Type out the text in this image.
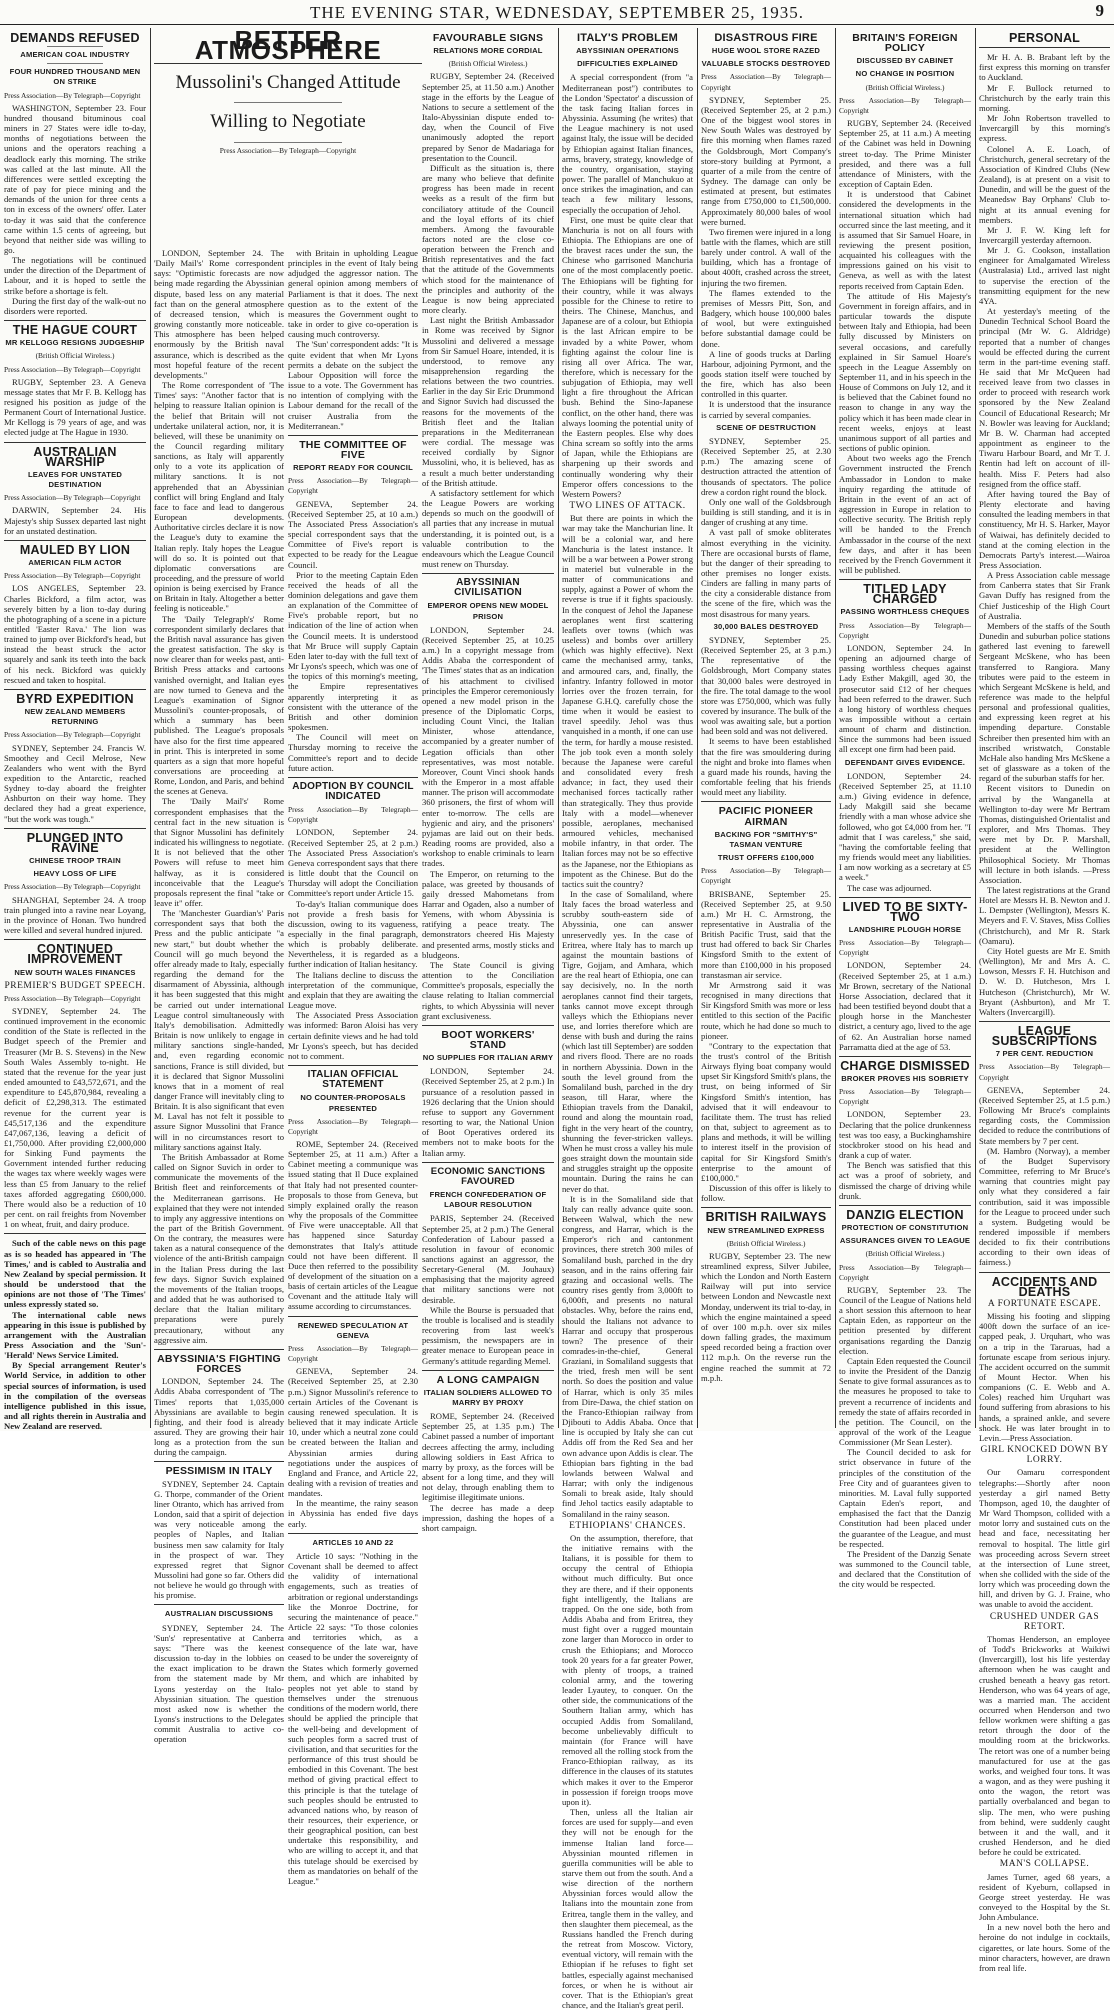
THE EVENING STAR, WEDNESDAY, SEPTEMBER 25, 1935.	9
DEMANDS REFUSED
AMERICAN COAL INDUSTRY
FOUR HUNDRED THOUSAND MEN ON STRIKE
Press Association—By Telegraph—Copyright

WASHINGTON, September 23. Four hundred thousand bituminous coal miners in 27 States were idle to-day, months of negotiations between the unions and the operators reaching a deadlock early this morning. The strike was called at the last minute. All the differences were settled excepting the rate of pay for piece mining and the demands of the union for three cents a ton in excess of the owners' offer. Later to-day it was said that the conference came within 1.5 cents of agreeing, but beyond that neither side was willing to go.

The negotiations will be continued under the direction of the Department of Labour, and it is hoped to settle the strike before a shortage is felt.

During the first day of the walk-out no disorders were reported.

THE HAGUE COURT
MR KELLOGG RESIGNS JUDGESHIP
(British Official Wireless.)
Press Association—By Telegraph—Copyright

RUGBY, September 23. A Geneva message states that Mr F. B. Kellogg has resigned his position as judge of the Permanent Court of International Justice. Mr Kellogg is 79 years of age, and was elected judge at The Hague in 1930.

AUSTRALIAN WARSHIP
LEAVES FOR UNSTATED DESTINATION
Press Association—By Telegraph—Copyright

DARWIN, September 24. His Majesty's ship Sussex departed last night for an unstated destination.

MAULED BY LION
AMERICAN FILM ACTOR
Press Association—By Telegraph—Copyright

LOS ANGELES, September 23. Charles Bickford, a film actor, was severely bitten by a lion to-day during the photographing of a scene in a picture entitled 'Easter Rava.' The lion was trained to jump over Bickford's head, but instead the beast struck the actor squarely and sank its teeth into the back of his neck. Bickford was quickly rescued and taken to hospital.

BYRD EXPEDITION
NEW ZEALAND MEMBERS RETURNING
Press Association—By Telegraph—Copyright

SYDNEY, September 24. Francis W. Smoothey and Cecil Melrose, New Zealanders who went with the Byrd expedition to the Antarctic, reached Sydney to-day aboard the freighter Ashburton on their way home. They declared they had a great experience, "but the work was tough."

PLUNGED INTO RAVINE
CHINESE TROOP TRAIN
HEAVY LOSS OF LIFE
Press Association—By Telegraph—Copyright

SHANGHAI, September 24. A troop train plunged into a ravine near Loyang, in the province of Honan. Two hundred were killed and several hundred injured.

CONTINUED IMPROVEMENT
NEW SOUTH WALES FINANCES
PREMIER'S BUDGET SPEECH.
Press Association—By Telegraph—Copyright

SYDNEY, September 24. The continued improvement in the economic condition of the State is reflected in the Budget speech of the Premier and Treasurer (Mr B. S. Stevens) in the New South Wales Assembly to-night. He stated that the revenue for the year just ended amounted to £43,572,671, and the expenditure to £45,870,984, revealing a deficit of £2,298,313. The estimated revenue for the current year is £45,517,136 and the expenditure £47,067,136, leaving a deficit of £1,750,000. After providing £2,000,000 for Sinking Fund payments the Government intended further reducing the wages tax where weekly wages were less than £5 from January to the relief taxes afforded aggregating £600,000. There would also be a reduction of 10 per cent. on rail freights from November 1 on wheat, fruit, and dairy produce.

Such of the cable news on this page as is so headed has appeared in 'The Times,' and is cabled to Australia and New Zealand by special permission. It should be understood that the opinions are not those of 'The Times' unless expressly stated so.

The international cable news appearing in this issue is published by arrangement with the Australian Press Association and the 'Sun'-'Herald' News Service Limited.

By Special arrangement Reuter's World Service, in addition to other special sources of information, is used in the compilation of the overseas intelligence published in this issue, and all rights therein in Australia and New Zealand are reserved.

BETTER ATMOSPHERE
Mussolini's Changed Attitude
Willing to Negotiate
Press Association—By Telegraph—Copyright

LONDON, September 24. The 'Daily Mail's' Rome correspondent says: "Optimistic forecasts are now being made regarding the Abyssinian dispute, based less on any material fact than on the general atmosphere of decreased tension, which is growing constantly more noticeable. This atmosphere has been helped enormously by the British naval assurance, which is described as the most hopeful feature of the recent developments."

The Rome correspondent of 'The Times' says: "Another factor that is helping to reassure Italian opinion is the belief that Britain will not undertake unilateral action, nor, it is believed, will these be unanimity on the Council regarding military sanctions, as Italy will apparently only to a vote its application of military sanctions. It is not apprehended that an Abyssinian conflict will bring England and Italy face to face and lead to dangerous European developments. Authoritative circles declare it is now the League's duty to examine the Italian reply. Italy hopes the League will do so. It is pointed out that diplomatic conversations are proceeding, and the pressure of world opinion is being exercised by France on Britain in Italy. Altogether a better feeling is noticeable."

The 'Daily Telegraph's' Rome correspondent similarly declares that the British naval assurance has given the greatest satisfaction. The sky is now clearer than for weeks past, anti-British Press attacks and cartoons vanished overnight, and Italian eyes are now turned to Geneva and the League's examination of Signor Mussolini's counter-proposals, of which a summary has been published. The League's proposals have also for the first time appeared in print. This is interpreted in some quarters as a sign that more hopeful conversations are proceeding at Rome, London, and Paris, and behind the scenes at Geneva.

The 'Daily Mail's' Rome correspondent emphasises that the central fact in the new situation is that Signor Mussolini has definitely indicated his willingness to negotiate. It is not believed that the other Powers will refuse to meet him halfway, as it is considered inconceivable that the League's proposals represent the final "take or leave it" offer.

The 'Manchester Guardian's' Paris correspondent says that both the Press and the public anticipate "a new start," but doubt whether the Council will go much beyond the offer already made to Italy, especially regarding the demand for the disarmament of Abyssinia, although it has been suggested that this might be carried out under international League control simultaneously with Italy's demobilisation. Admittedly Britain is now unlikely to engage in military sanctions single-handed, and, even regarding economic sanctions, France is still divided, but it is declared that Signor Mussolini knows that in a moment of real danger France will inevitably cling to Britain. It is also significant that even M. Laval has not felt it possible to assure Signor Mussolini that France will in no circumstances resort to military sanctions against Italy.

The British Ambassador at Rome called on Signor Suvich in order to communicate the movements of the British fleet and reinforcements of the Mediterranean garrisons. He explained that they were not intended to imply any aggressive intentions on the part of the British Government. On the contrary, the measures were taken as a natural consequence of the violence of the anti-British campaign in the Italian Press during the last few days. Signor Suvich explained the movements of the Italian troops, and added that he was authorised to declare that the Italian military preparations were purely precautionary, without any aggressive aim.

ABYSSINIA'S FIGHTING FORCES

LONDON, September 24. The Addis Ababa correspondent of 'The Times' reports that 1,035,000 Abyssinians are available to begin fighting, and their food is already assured. They are growing their hair long as a protection from the sun during the campaign.

PESSIMISM IN ITALY

SYDNEY, September 24. Captain G. Thorpe, commander of the Orient liner Otranto, which has arrived from London, said that a spirit of dejection was very noticeable among the peoples of Naples, and Italian business men saw calamity for Italy in the prospect of war. They expressed regret that Signor Mussolini had gone so far. Others did not believe he would go through with his promise.

AUSTRALIAN DISCUSSIONS

SYDNEY, September 24. The 'Sun's' representative at Canberra says: "There was the keenest discussion to-day in the lobbies on the exact implication to be drawn from the statement made by Mr Lyons yesterday on the Italo-Abyssinian situation. The question most asked now is whether the Lyons's instructions to the Delegates commit Australia to active co-operation

with Britain in upholding League principles in the event of Italy being adjudged the aggressor nation. The general opinion among members of Parliament is that it does. The next question as to the extent of the measures the Government ought to take in order to give co-operation is causing much controversy.

The 'Sun' correspondent adds: "It is quite evident that when Mr Lyons permits a debate on the subject the Labour Opposition will force the issue to a vote. The Government has no intention of complying with the Labour demand for the recall of the cruiser Australia from the Mediterranean."

THE COMMITTEE OF FIVE
REPORT READY FOR COUNCIL
Press Association—By Telegraph—Copyright

GENEVA, September 24. (Received September 25, at 10 a.m.) The Associated Press Association's special correspondent says that the Committee of Five's report is expected to be ready for the League Council.

Prior to the meeting Captain Eden received the heads of all the dominion delegations and gave them an explanation of the Committee of Five's probable report, but no indication of the line of action when the Council meets. It is understood that Mr Bruce will supply Captain Eden later to-day with the full text of Mr Lyons's speech, which was one of the topics of this morning's meeting, the Empire representatives apparently interpreting it as consistent with the utterance of the British and other dominion spokesmen.

The Council will meet on Thursday morning to receive the Committee's report and to decide future action.

ADOPTION BY COUNCIL INDICATED
Press Association—By Telegraph—Copyright

LONDON, September 24. (Received September 25, at 2 p.m.) The Associated Press Association's Geneva correspondent says that there is little doubt that the Council on Thursday will adopt the Conciliation Committee's report under Article 15.

To-day's Italian communique does not provide a fresh basis for discussion, owing to its vagueness, especially in the final paragraph, which is probably deliberate. Nevertheless, it is regarded as a further indication of Italian hesitancy.

The Italians decline to discuss the interpretation of the communique, and explain that they are awaiting the League move.

The Associated Press Association was informed: Baron Aloisi has very certain definite views and he had told Mr Lyons's speech, but has decided not to comment.

ITALIAN OFFICIAL STATEMENT
NO COUNTER-PROPOSALS PRESENTED
Press Association—By Telegraph—Copyright

ROME, September 24. (Received September 25, at 11 a.m.) After a Cabinet meeting a communique was issued stating that Il Duce explained that Italy had not presented counter-proposals to those from Geneva, but simply explained orally the reason why the proposals of the Committee of Five were unacceptable. All that has happened since Saturday demonstrates that Italy's attitude could not have been different. Il Duce then referred to the possibility of development of the situation on a basis of certain articles of the League Covenant and the attitude Italy will assume according to circumstances.

RENEWED SPECULATION AT GENEVA
Press Association—By Telegraph—Copyright

GENEVA, September 24. (Received September 25, at 2.30 p.m.) Signor Mussolini's reference to certain Articles of the Covenant is causing renewed speculation. It is believed that it may indicate Article 10, under which a neutral zone could be created between the Italian and Abyssinian armies during negotiations under the auspices of England and France, and Article 22, dealing with a revision of treaties and mandates.

In the meantime, the rainy season in Abyssinia has ended five days early.

ARTICLES 10 AND 22

Article 10 says: "Nothing in the Covenant shall be deemed to affect the validity of international engagements, such as treaties of arbitration or regional understandings like the Monroe Doctrine, for securing the maintenance of peace." Article 22 says: "To those colonies and territories which, as a consequence of the late war, have ceased to be under the sovereignty of the States which formerly governed them, and which are inhabited by peoples not yet able to stand by themselves under the strenuous conditions of the modern world, there should be applied the principle that the well-being and development of such peoples form a sacred trust of civilisation, and that securities for the performance of this trust should be embodied in this Covenant. The best method of giving practical effect to this principle is that the tutelage of such peoples should be entrusted to advanced nations who, by reason of their resources, their experience, or their geographical position, can best undertake this responsibility, and who are willing to accept it, and that this tutelage should be exercised by them as mandatories on behalf of the League."

FAVOURABLE SIGNS
RELATIONS MORE CORDIAL
(British Official Wireless.)

RUGBY, September 24. (Received September 25, at 11.50 a.m.) Another stage in the efforts by the League of Nations to secure a settlement of the Italo-Abyssinian dispute ended to-day, when the Council of Five unanimously adopted the report prepared by Senor de Madariaga for presentation to the Council.

Difficult as the situation is, there are many who believe that definite progress has been made in recent weeks as a result of the firm but conciliatory attitude of the Council and the loyal efforts of its chief members. Among the favourable factors noted are the close co-operation between the French and British representatives and the fact that the attitude of the Governments which stood for the maintenance of the principles and authority of the League is now being appreciated more clearly.

Last night the British Ambassador in Rome was received by Signor Mussolini and delivered a message from Sir Samuel Hoare, intended, it is understood, to remove any misapprehension regarding the relations between the two countries. Earlier in the day Sir Eric Drummond and Signor Suvich had discussed the reasons for the movements of the British fleet and the Italian preparations in the Mediterranean were cordial. The message was received cordially by Signor Mussolini, who, it is believed, has as a result a much better understanding of the British attitude.

A satisfactory settlement for which the League Powers are working depends so much on the goodwill of all parties that any increase in mutual understanding, it is pointed out, is a valuable contribution to the endeavours which the League Council must renew on Thursday.

ABYSSINIAN CIVILISATION
EMPEROR OPENS NEW MODEL PRISON

LONDON, September 24. (Received September 25, at 10.25 a.m.) In a copyright message from Addis Ababa the correspondent of 'The Times' states that as an indication of his attachment to civilised principles the Emperor ceremoniously opened a new model prison in the presence of the Diplomatic Corps, including Count Vinci, the Italian Minister, whose attendance, accompanied by a greater number of Legation officials than other representatives, was most notable. Moreover, Count Vinci shook hands with the Emperor in a most affable manner. The prison will accommodate 360 prisoners, the first of whom will enter to-morrow. The cells are hygienic and airy, and the prisoners' pyjamas are laid out on their beds. Reading rooms are provided, also a workshop to enable criminals to learn trades.

The Emperor, on returning to the palace, was greeted by thousands of gaily dressed Mahometans from Harrar and Ogaden, also a number of Yemens, with whom Abyssinia is ratifying a peace treaty. The demonstrators cheered His Majesty and presented arms, mostly sticks and bludgeons.

The State Council is giving attention to the Conciliation Committee's proposals, especially the clause relating to Italian commercial rights, to which Abyssinia will never grant exclusiveness.

BOOT WORKERS' STAND
NO SUPPLIES FOR ITALIAN ARMY

LONDON, September 24. (Received September 25, at 2 p.m.) In pursuance of a resolution passed in 1926 declaring that the Union should refuse to support any Government resorting to war, the National Union of Boot Operatives ordered its members not to make boots for the Italian army.

ECONOMIC SANCTIONS FAVOURED
FRENCH CONFEDERATION OF LABOUR RESOLUTION

PARIS, September 24. (Received September 25, at 2 p.m.) The General Confederation of Labour passed a resolution in favour of economic sanctions against an aggressor, the Secretary-General (M. Jouhaux) emphasising that the majority agreed that military sanctions were not desirable.

While the Bourse is persuaded that the trouble is localised and is steadily recovering from last week's pessimism, the newspapers are in greater menace to European peace in Germany's attitude regarding Memel.

A LONG CAMPAIGN
ITALIAN SOLDIERS ALLOWED TO MARRY BY PROXY

ROME, September 24. (Received September 25, at 1.35 p.m.) The Cabinet passed a number of important decrees affecting the army, including allowing soldiers in East Africa to marry by proxy, as the forces will be absent for a long time, and they will not delay, through enabling them to legitimise illegitimate unions.

The decree has made a deep impression, dashing the hopes of a short campaign.

ITALY'S PROBLEM
ABYSSINIAN OPERATIONS
DIFFICULTIES EXPLAINED

A special correspondent (from "a Mediterranean post") contributes to the London 'Spectator' a discussion of the task facing Italian forces in Abyssinia. Assuming (he writes) that the League machinery is not used against Italy, the issue will be decided by Ethiopian against Italian finances, arms, bravery, strategy, knowledge of the country, organisation, staying power. The parallel of Manchukuo at once strikes the imagination, and can teach a few military lessons, especially the occupation of Jehol.

First, one must be quite clear that Manchuria is not on all fours with Ethiopia. The Ethiopians are one of the bravest races under the sun, the Chinese who garrisoned Manchuria one of the most complacently poetic. The Ethiopians will be fighting for their country, while it was always possible for the Chinese to retire to theirs. The Chinese, Manchus, and Japanese are of a colour, but Ethiopia is the last African empire to be invaded by a white Power, whom fighting against the colour line is rising all over Africa. The war, therefore, which is necessary for the subjugation of Ethiopia, may well light a fire throughout the African bush. Behind the Sino-Japanese conflict, on the other hand, there was always looming the potential unity of the Eastern peoples. Else why does China scream so softly into the arms of Japan, while the Ethiopians are sharpening up their swords and continually wondering why their Emperor offers concessions to the Western Powers?

TWO LINES OF ATTACK.

But there are points in which the war may take the Manchurian line. It will be a colonial war, and here Manchuria is the latest instance. It will be a war between a Power strong in materiel but vulnerable in the matter of communications and supply, against a Power of whom the reverse is true if it fights spaciously. In the conquest of Jehol the Japanese aeroplanes went first scattering leaflets over towns (which was useless) and bombs over artillery (which was highly effective). Next came the mechanised army, tanks, and armoured cars, and, finally, the infantry. Infantry followed in motor lorries over the frozen terrain, for Japanese G.H.Q. carefully chose the time when it would be easiest to travel speedily. Jehol was thus vanquished in a month, if one can use the term, for hardly a mouse resisted. The job took even a month solely because the Japanese were careful and consolidated every fresh advance; in fact, they used their mechanised forces tactically rather than strategically. They thus provide Italy with a model—whenever possible, aeroplanes, mechanised armoured vehicles, mechanised mobile infantry, in that order. The Italian forces may not be so effective as the Japanese, nor the Ethiopians as impotent as the Chinese. But do the tactics suit the country?

In the case of Somaliland, where Italy faces the broad waterless and scrubby south-eastern side of Abyssinia, one can answer unreservedly yes. In the case of Eritrea, where Italy has to march up against the mountain bastions of Tigre, Gojjam, and Amhara, which are the real heart of Ethiopia, one can say decisively, no. In the north aeroplanes cannot find their targets, tanks cannot move except through valleys which the Ethiopians never use, and lorries therefore which are dense with bush and during the rains (which last till September) are sodden and rivers flood. There are no roads in northern Abyssinia. Down in the south the level ground from the Somaliland bush, parched in the dry season, till Harar, where the Ethiopian travels from the Danakil, round and along the mountain road, fight in the very heart of the country, shunning the fever-stricken valleys. When he must cross a valley his mule goes straight down the mountain side and struggles straight up the opposite mountain. During the rains he can never do that.

It is in the Somaliland side that Italy can really advance quite soon. Between Walwal, which the new congress, and Harrar, which is the Emperor's rich and cantonment provinces, there stretch 300 miles of Somaliland bush, parched in the dry season, and in the rains offering fair grazing and occasional wells. The country rises gently from 3,000ft to 6,000ft, and presents no natural obstacles. Why, before the rains end, should the Italians not advance to Harrar and occupy that prosperous town? The presence of their comrades-in-the-chief, General Graziani, in Somaliland suggests that the tried, fresh men will be sent north. So does the position and value of Harrar, which is only 35 miles from Dire-Dawa, the chief station on the Franco-Ethiopian railway from Djibouti to Addis Ababa. Once that line is occupied by Italy she can cut Addis off from the Red Sea and her own advance upon Addis is clear. The Ethiopian bars fighting in the bad lowlands between Walwal and Harrar; with only the indigenous Somali to break aside, Italy should find Jehol tactics easily adaptable to Somaliland in the rainy season.

ETHIOPIANS' CHANCES.

On the assumption, therefore, that the initiative remains with the Italians, it is possible for them to occupy the central of Ethiopia without much difficulty. But once they are there, and if their opponents fight intelligently, the Italians are trapped. On the one side, both from Addis Ababa and from Eritrea, they must fight over a rugged mountain zone larger than Morocco in order to crush the Ethiopians; and Morocco took 20 years for a far greater Power, with plenty of troops, a trained colonial army, and the towering leader Lyautey, to conquer. On the other side, the communications of the Southern Italian army, which has occupied Addis from Somaliland, become unbelievably difficult to maintain (for France will have removed all the rolling stock from the Franco-Ethiopian railway, as its difference in the clauses of its statutes which makes it over to the Emperor in possession if foreign troops move upon it).

Then, unless all the Italian air forces are used for supply—and even they will not be enough for the immense Italian land force—Abyssinian mounted riflemen in guerilla communities will be able to starve them out from the south. And a wise direction of the northern Abyssinian forces would allow the Italians into the mountain zone from Eritrea, tangle them in the valley, and then slaughter them piecemeal, as the Russians handled the French during the retreat from Moscow. Victory, eventual victory, will remain with the Ethiopian if he refuses to fight set battles, especially against mechanised forces, or when he is without air cover. That is the Ethiopian's great chance, and the Italian's great peril.

DISASTROUS FIRE
HUGE WOOL STORE RAZED
VALUABLE STOCKS DESTROYED
Press Association—By Telegraph—Copyright

SYDNEY, September 25. (Received September 25, at 2 p.m.) One of the biggest wool stores in New South Wales was destroyed by fire this morning when flames razed the Goldsbrough, Mort Company's store-story building at Pyrmont, a quarter of a mile from the centre of Sydney. The damage can only be estimated at present, but estimates range from £750,000 to £1,500,000. Approximately 80,000 bales of wool were burned.

Two firemen were injured in a long battle with the flames, which are still barely under control. A wall of the building, which has a frontage of about 400ft, crashed across the street, injuring the two firemen.

The flames extended to the premises of Messrs Pitt, Son, and Badgery, which house 100,000 bales of wool, but were extinguished before substantial damage could be done.

A line of goods trucks at Darling Harbour, adjoining Pyrmont, and the goods station itself were touched by the fire, which has also been controlled in this quarter.

It is understood that the insurance is carried by several companies.

SCENE OF DESTRUCTION

SYDNEY, September 25. (Received September 25, at 2.30 p.m.) The amazing scene of destruction attracted the attention of thousands of spectators. The police drew a cordon right round the block.

Only one wall of the Goldsbrough building is still standing, and it is in danger of crushing at any time.

A vast pall of smoke obliterates almost everything in the vicinity. There are occasional bursts of flame, but the danger of their spreading to other premises no longer exists. Cinders are falling in many parts of the city a considerable distance from the scene of the fire, which was the most disastrous for many years.

30,000 BALES DESTROYED

SYDNEY, September 25. (Received September 25, at 3 p.m.) The representative of the Goldsbrough, Mort Company states that 30,000 bales were destroyed in the fire. The total damage to the wool store was £750,000, which was fully covered by insurance. The bulk of the wool was awaiting sale, but a portion had been sold and was not delivered.

It seems to have been established that the fire was smouldering during the night and broke into flames when a guard made his rounds, having the comfortable feeling that his friends would meet any liability.

PACIFIC PIONEER AIRMAN
BACKING FOR "SMITHY'S" TASMAN VENTURE
TRUST OFFERS £100,000
Press Association—By Telegraph—Copyright

BRISBANE, September 25. (Received September 25, at 9.50 a.m.) Mr H. C. Armstrong, the representative in Australia of the British Pacific Trust, said that the trust had offered to back Sir Charles Kingsford Smith to the extent of more than £100,000 in his proposed transtasman air service.

Mr Armstrong said it was recognised in many directions that Sir Kingsford Smith was more or less entitled to this section of the Pacific route, which he had done so much to pioneer.

"Contrary to the expectation that the trust's control of the British Airways flying boat company would upset Sir Kingsford Smith's plans, the trust, on being informed of Sir Kingsford Smith's intention, has advised that it will endeavour to facilitate them. The trust has relied on that, subject to agreement as to plans and methods, it will be willing to interest itself in the provision of capital for Sir Kingsford Smith's enterprise to the amount of £100,000."

Discussion of this offer is likely to follow.

BRITISH RAILWAYS
NEW STREAMLINED EXPRESS
(British Official Wireless.)

RUGBY, September 23. The new streamlined express, Silver Jubilee, which the London and North Eastern Railway will put into service between London and Newcastle next Monday, underwent its trial to-day, in which the engine maintained a speed of over 100 m.p.h. over six miles down falling grades, the maximum speed recorded being a fraction over 112 m.p.h. On the reverse run the engine reached the summit at 72 m.p.h.

BRITAIN'S FOREIGN POLICY
DISCUSSED BY CABINET
NO CHANGE IN POSITION
(British Official Wireless.)
Press Association—By Telegraph—Copyright

RUGBY, September 24. (Received September 25, at 11 a.m.) A meeting of the Cabinet was held in Downing street to-day. The Prime Minister presided, and there was a full attendance of Ministers, with the exception of Captain Eden.

It is understood that Cabinet considered the developments in the international situation which had occurred since the last meeting, and it is assumed that Sir Samuel Hoare, in reviewing the present position, acquainted his colleagues with the impressions gained on his visit to Geneva, as well as with the latest reports received from Captain Eden.

The attitude of His Majesty's Government in foreign affairs, and in particular towards the dispute between Italy and Ethiopia, had been fully discussed by Ministers on several occasions, and carefully explained in Sir Samuel Hoare's speech in the League Assembly on September 11, and in his speech in the House of Commons on July 12, and it is believed that the Cabinet found no reason to change in any way the policy which it has been made clear in recent weeks, enjoys at least unanimous support of all parties and sections of public opinion.

About two weeks ago the French Government instructed the French Ambassador in London to make inquiry regarding the attitude of Britain in the event of an act of aggression in Europe in relation to collective security. The British reply will be handed to the French Ambassador in the course of the next few days, and after it has been received by the French Government it will be published.

TITLED LADY CHARGED
PASSING WORTHLESS CHEQUES
Press Association—By Telegraph—Copyright

LONDON, September 24. In opening an adjourned charge of passing worthless cheques against Lady Esther Makgill, aged 30, the prosecutor said £12 of her cheques had been referred to the drawer. Such a long history of worthless cheques was impossible without a certain amount of charm and distinction. Since the summons had been issued all except one firm had been paid.

DEFENDANT GIVES EVIDENCE.

LONDON, September 24. (Received September 25, at 11.10 a.m.) Giving evidence in defence, Lady Makgill said she became friendly with a man whose advice she followed, who got £4,000 from her. "I admit that I was careless," she said, "having the comfortable feeling that my friends would meet any liabilities. I am now working as a secretary at £5 a week."

The case was adjourned.

LIVED TO BE SIXTY-TWO
LANDSHIRE PLOUGH HORSE
Press Association—By Telegraph—Copyright

LONDON, September 24. (Received September 25, at 1 a.m.) Mr Brown, secretary of the National Horse Association, declared that it had been testified beyond doubt that a plough horse in the Manchester district, a century ago, lived to the age of 62. An Australian horse named Parramatta died at the age of 53.

CHARGE DISMISSED
BROKER PROVES HIS SOBRIETY
Press Association—By Telegraph—Copyright

LONDON, September 23. Declaring that the police drunkenness test was too easy, a Buckinghamshire stockbroker stood on his head and drank a cup of water.

The Bench was satisfied that this act was a proof of sobriety, and dismissed the charge of driving while drunk.

DANZIG ELECTION
PROTECTION OF CONSTITUTION
ASSURANCES GIVEN TO LEAGUE
(British Official Wireless.)
Press Association—By Telegraph—Copyright

RUGBY, September 23. The Council of the League of Nations held a short session this afternoon to hear Captain Eden, as rapporteur on the petition presented by different organisations regarding the Danzig election.

Captain Eden requested the Council to invite the President of the Danzig Senate to give formal assurances as to the measures he proposed to take to prevent a recurrence of incidents and remedy the state of affairs recorded in the petition. The Council, on the approval of the work of the League Commissioner (Mr Sean Lester).

The Council decided to ask for strict observance in future of the principles of the constitution of the Free City and of guarantees given to minorities. M. Laval fully supported Captain Eden's report, and emphasised the fact that the Danzig Constitution had been placed under the guarantee of the League, and must be respected.

The President of the Danzig Senate was summoned to the Council table, and declared that the Constitution of the city would be respected.

PERSONAL

Mr H. A. B. Brabant left by the first express this morning on transfer to Auckland.

Mr F. Bullock returned to Christchurch by the early train this morning.

Mr John Robertson travelled to Invercargill by this morning's express.

Colonel A. E. Loach, of Christchurch, general secretary of the Association of Kindred Clubs (New Zealand), is at present on a visit to Dunedin, and will be the guest of the Meanedsw Bay Orphans' Club to-night at its annual evening for members.

Mr J. F. W. King left for Invercargill yesterday afternoon.

Mr J. G. Cookson, installation engineer for Amalgamated Wireless (Australasia) Ltd., arrived last night to supervise the erection of the transmitting equipment for the new 4YA.

At yesterday's meeting of the Dunedin Technical School Board the principal (Mr W. G. Aldridge) reported that a number of changes would be effected during the current term in the part-time evening staff. He said that Mr McQueen had received leave from two classes in order to proceed with research work sponsored by the New Zealand Council of Educational Research; Mr N. Bowler was leaving for Auckland; Mr B. W. Charman had accepted appointment as engineer to the Tiwaru Harbour Board, and Mr T. J. Rentin had left on account of ill-health. Miss F. Peters had also resigned from the office staff.

After having toured the Bay of Plenty electorate and having consulted the leading members in that constituency, Mr H. S. Harker, Mayor of Waiwai, has definitely decided to stand at the coming election in the Democrats Party's interest.—Wairoa Press Association.

A Press Association cable message from Canberra states that Sir Frank Gavan Duffy has resigned from the Chief Justiceship of the High Court of Australia.

Members of the staffs of the South Dunedin and suburban police stations gathered last evening to farewell Sergeant McSkene, who has been transferred to Rangiora. Many tributes were paid to the esteem in which Sergeant McSkene is held, and reference was made to the helpful personal and professional qualities, and expressing keen regret at his impending departure. Constable Schreiber then presented him with an inscribed wristwatch, Constable McHale also handing Mrs McSkene a set of glassware as a token of the regard of the suburban staffs for her.

Recent visitors to Dunedin on arrival by the Wanganella at Wellington to-day were Mr Bertram Thomas, distinguished Orientalist and explorer, and Mrs Thomas. They were met by Dr. P. Marshall, president at the Wellington Philosophical Society. Mr Thomas will lecture in both islands. —Press Association.

The latest registrations at the Grand Hotel are Messrs H. B. Newton and J. L. Dempster (Wellington), Messrs K. Meyers and F. V. Staves, Miss Collies (Christchurch), and Mr R. Stark (Oamaru).

City Hotel guests are Mr E. Smith (Wellington), Mr and Mrs A. C. Lowson, Messrs F. H. Hutchison and D. W. D. Hutcheson, Mrs I. Hutcheson (Christchurch), Mr W. Bryant (Ashburton), and Mr T. Walters (Invercargill).

LEAGUE SUBSCRIPTIONS
7 PER CENT. REDUCTION
Press Association—By Telegraph—Copyright

GENEVA, September 24. (Received September 25, at 1.5 p.m.) Following Mr Bruce's complaints regarding costs, the Commission decided to reduce the contributions of State members by 7 per cent.

(M. Hambro (Norway), a member of the Budget Supervisory Committee, referring to Mr Bruce's warning that countries might pay only what they considered a fair contribution, said it was impossible for the League to proceed under such a system. Budgeting would be rendered impossible if members decided to fix their contributions according to their own ideas of fairness.)

ACCIDENTS AND DEATHS
A FORTUNATE ESCAPE.

Missing his footing and slipping 400ft down the surface of an ice-capped peak, J. Urquhart, who was on a trip in the Tararuas, had a fortunate escape from serious injury. The accident occurred on the summit of Mount Hector. When his companions (C. E. Webb and A. Coles) reached him Urquhart was found suffering from abrasions to his hands, a sprained ankle, and severe shock. He was later brought in to Levin.—Press Association.

GIRL KNOCKED DOWN BY LORRY.

Our Oamaru correspondent telegraphs:—Shortly after noon yesterday a girl named Betty Thompson, aged 10, the daughter of Mr Ward Thompson, collided with a motor lorry and sustained cuts on the head and face, necessitating her removal to hospital. The little girl was proceeding across Severn street at the intersection of Lune street, when she collided with the side of the lorry which was proceeding down the hill, and driven by G. J. Fraine, who was unable to avoid the accident.

CRUSHED UNDER GAS RETORT.

Thomas Henderson, an employee of Todd's Brickworks at Waikiwi (Invercargill), lost his life yesterday afternoon when he was caught and crushed beneath a heavy gas retort. Henderson, who was 64 years of age, was a married man. The accident occurred when Henderson and two fellow workmen were shifting a gas retort through the door of the moulding room at the brickworks. The retort was one of a number being manufactured for use at the gas works, and weighed four tons. It was a wagon, and as they were pushing it onto the wagon, the retort was partially overbalanced and began to slip. The men, who were pushing from behind, were suddenly caught between it and the wall, and it crushed Henderson, and he died before he could be extricated.

MAN'S COLLAPSE.

James Turner, aged 68 years, a resident of Kyeburn, collapsed in George street yesterday. He was conveyed to the Hospital by the St. John Ambulance.

In a new novel both the hero and heroine do not indulge in cocktails, cigarettes, or late hours. Some of the minor characters, however, are drawn from real life.
